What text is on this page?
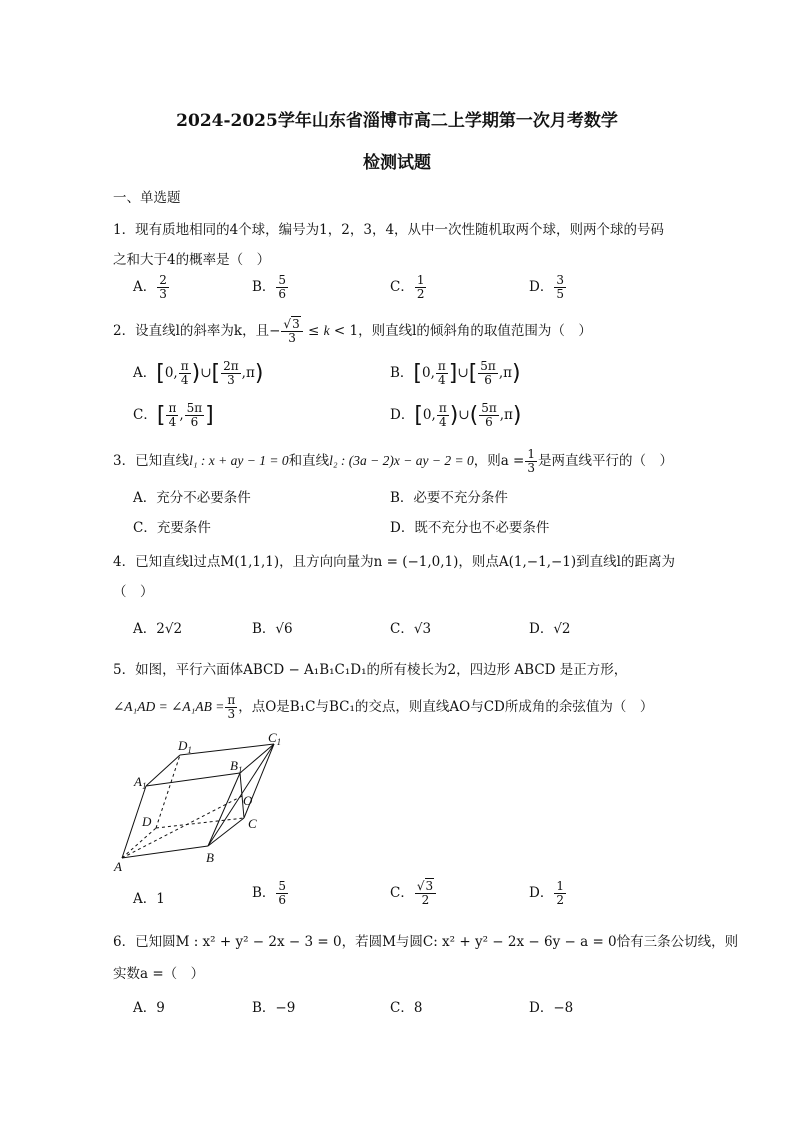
2024-2025学年山东省淄博市高二上学期第一次月考数学
检测试题
一、单选题
1．现有质地相同的4个球，编号为1，2，3，4，从中一次性随机取两个球，则两个球的号码
之和大于4的概率是（　）
A． $\frac{2}{3}$	B． $\frac{5}{6}$	C． $\frac{1}{2}$	D． $\frac{3}{5}$
2．设直线l的斜率为k，且− $\frac{√3}{3} \le k < 1$，则直线l的倾斜角的取值范围为（　）
A．[0, $\frac{\pi}{4}$ )∪[ $\frac{2\pi}{3} ,\pi$)	B．[0, $\frac{\pi}{4}$ ]∪[ $\frac{5\pi}{6} ,\pi$)
C．[ $\frac{\pi}{4}$ , $\frac{5\pi}{6}$ ]	D．[0, $\frac{\pi}{4}$ )∪( $\frac{5\pi}{6} ,\pi$)
3．已知直线l₁ : x + ay − 1 = 0和直线l₂ : (3a − 2)x − ay − 2 = 0，则$a = \frac{1}{3}$ 是两直线平行的（　）
A．充分不必要条件	B．必要不充分条件
C．充要条件	D．既不充分也不必要条件
4．已知直线l过点M(1,1,1)，且方向向量为n = (−1,0,1)，则点A(1,−1,−1)到直线l的距离为
（　）
A．2√2	B．√6	C．√3	D．√2
5．如图，平行六面体ABCD − A₁B₁C₁D₁的所有棱长为2，四边形 ABCD 是正方形，
∠A₁AD = ∠A₁AB = $\frac{\pi}{3}$ ，点O是B₁C与BC₁的交点，则直线AO与CD所成角的余弦值为（　）
A
B
C
D
$A_1$
$B_1$
$C_1$
$D_1$
O
A．1	B． $\frac{5}{6}$	C． $\frac{√3}{2}$	D． $\frac{1}{2}$
6．已知圆M : x² + y² − 2x − 3 = 0，若圆M与圆C: x² + y² − 2x − 6y − a = 0恰有三条公切线，则
实数a =（　）
A．9	B．−9	C．8	D．−8
